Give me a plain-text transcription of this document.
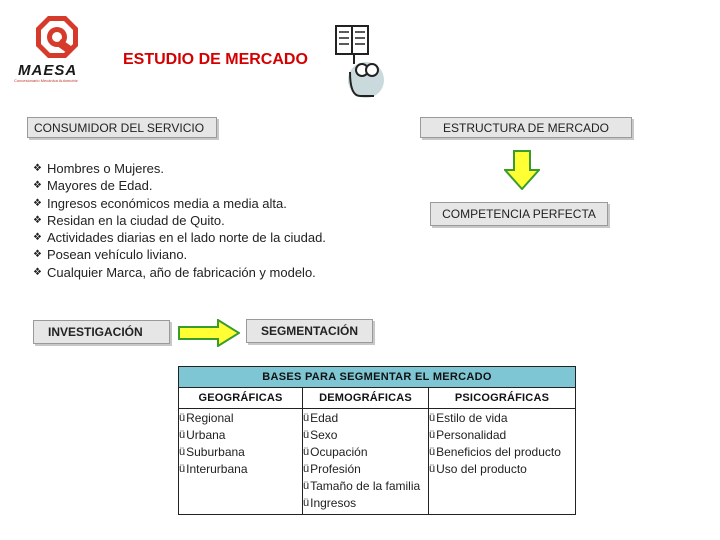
MAESA
Concesionario Mecánica Automotriz
ESTUDIO DE MERCADO
CONSUMIDOR DEL SERVICIO	ESTRUCTURA DE MERCADO
COMPETENCIA PERFECTA
❖ Hombres o Mujeres.
❖ Mayores de Edad.
❖ Ingresos económicos media a media alta.
❖ Residan en la ciudad de Quito.
❖ Actividades diarias en el lado norte de la ciudad.
❖ Posean vehículo liviano.
❖ Cualquier Marca, año de fabricación y modelo.
INVESTIGACIÓN	SEGMENTACIÓN
BASES PARA SEGMENTAR EL MERCADO
GEOGRÁFICAS
ü Regional
ü Urbana
ü Suburbana
ü Interurbana
DEMOGRÁFICAS
ü Edad
ü Sexo
ü Ocupación
ü Profesión
ü Tamaño de la familia
ü Ingresos
PSICOGRÁFICAS
ü Estilo de vida
ü Personalidad
ü Beneficios del producto
ü Uso del producto
